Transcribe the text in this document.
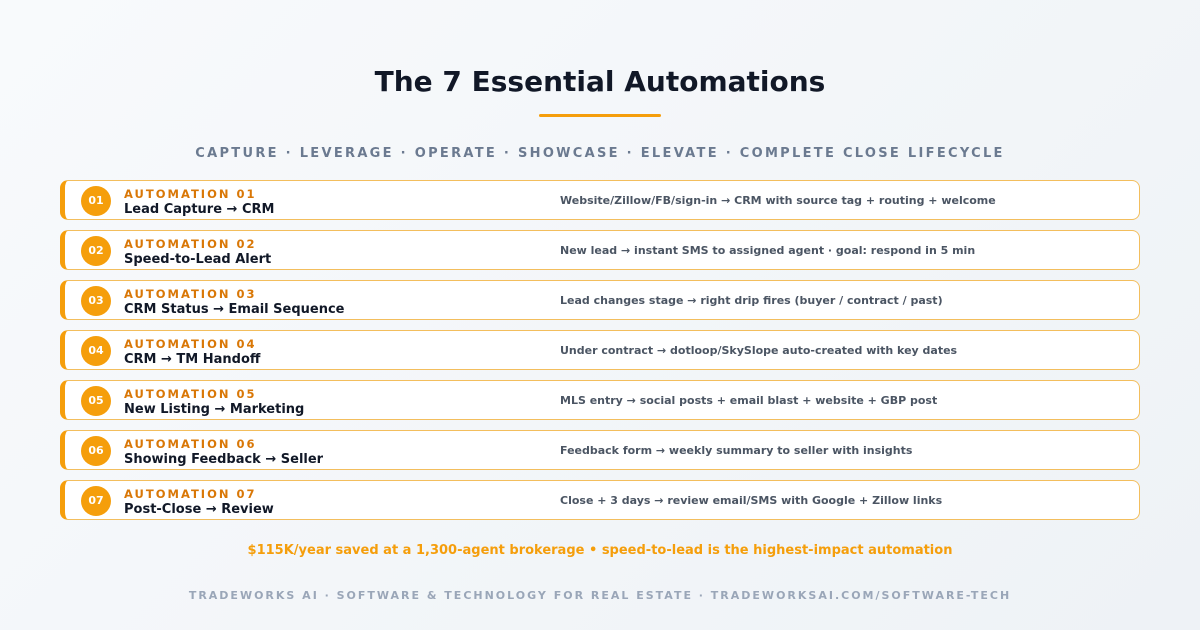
The 7 Essential Automations
CAPTURE · LEVERAGE · OPERATE · SHOWCASE · ELEVATE · COMPLETE CLOSE LIFECYCLE
01	AUTOMATION 01
Lead Capture → CRM
Website/Zillow/FB/sign-in → CRM with source tag + routing + welcome
02	AUTOMATION 02
Speed-to-Lead Alert
New lead → instant SMS to assigned agent · goal: respond in 5 min
03	AUTOMATION 03
CRM Status → Email Sequence
Lead changes stage → right drip fires (buyer / contract / past)
04	AUTOMATION 04
CRM → TM Handoff
Under contract → dotloop/SkySlope auto-created with key dates
05	AUTOMATION 05
New Listing → Marketing
MLS entry → social posts + email blast + website + GBP post
06	AUTOMATION 06
Showing Feedback → Seller
Feedback form → weekly summary to seller with insights
07	AUTOMATION 07
Post-Close → Review
Close + 3 days → review email/SMS with Google + Zillow links
$115K/year saved at a 1,300-agent brokerage • speed-to-lead is the highest-impact automation
TRADEWORKS AI · SOFTWARE & TECHNOLOGY FOR REAL ESTATE · TRADEWORKSAI.COM/SOFTWARE-TECH
